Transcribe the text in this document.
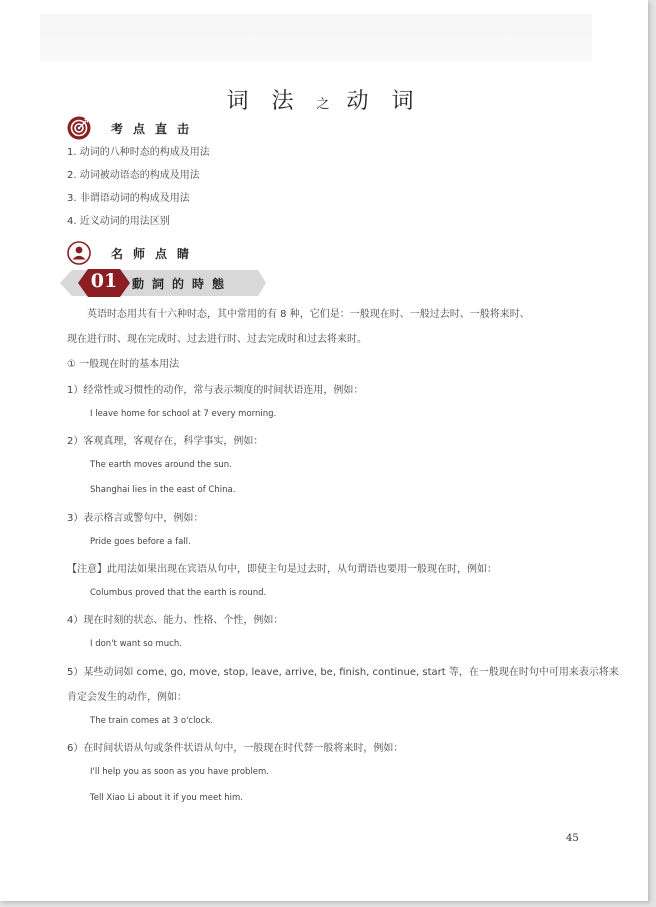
词 法 之 动 词
考点直击
1. 动词的八种时态的构成及用法
2. 动词被动语态的构成及用法
3. 非谓语动词的构成及用法
4. 近义动词的用法区别
名师点睛
01	動詞的時態
英语时态用共有十六种时态，其中常用的有 8 种，它们是：一般现在时、一般过去时、一般将来时、
现在进行时、现在完成时、过去进行时、过去完成时和过去将来时。
① 一般现在时的基本用法
1）经常性或习惯性的动作，常与表示频度的时间状语连用，例如：
I leave home for school at 7 every morning.
2）客观真理，客观存在，科学事实，例如：
The earth moves around the sun.
Shanghai lies in the east of China.
3）表示格言或警句中，例如：
Pride goes before a fall.
【注意】此用法如果出现在宾语从句中，即使主句是过去时，从句谓语也要用一般现在时，例如：
Columbus proved that the earth is round.
4）现在时刻的状态、能力、性格、个性，例如：
I don't want so much.
5）某些动词如 come, go, move, stop, leave, arrive, be, finish, continue, start 等，在一般现在时句中可用来表示将来
肯定会发生的动作，例如：
The train comes at 3 o'clock.
6）在时间状语从句或条件状语从句中，一般现在时代替一般将来时，例如：
I'll help you as soon as you have problem.
Tell Xiao Li about it if you meet him.
45
